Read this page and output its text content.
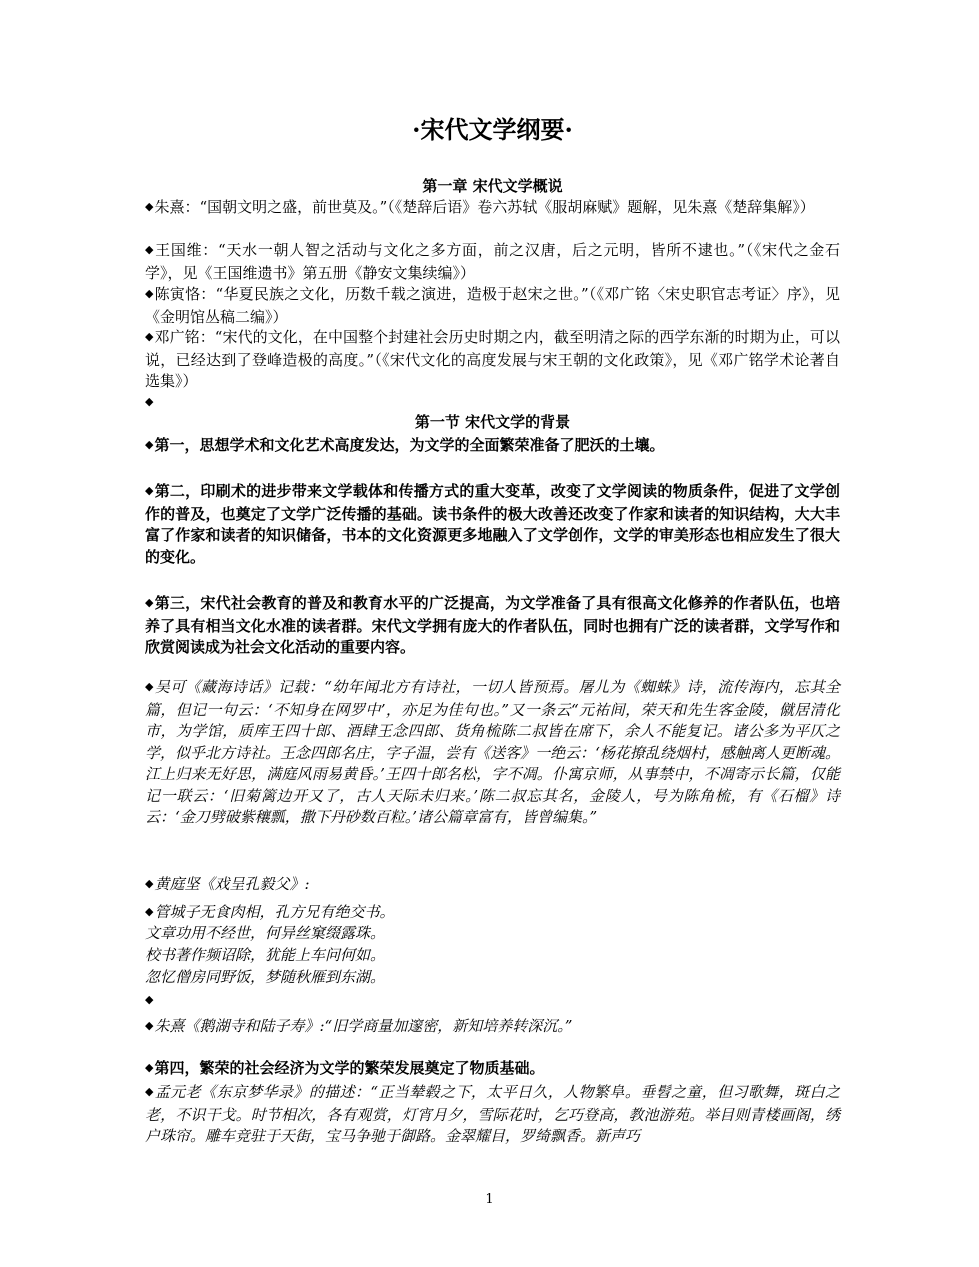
·宋代文学纲要·
第一章 宋代文学概说
◆朱熹：“国朝文明之盛，前世莫及。”（《楚辞后语》卷六苏轼《服胡麻赋》题解，见朱熹《楚辞集解》）
◆王国维：“天水一朝人智之活动与文化之多方面，前之汉唐，后之元明，皆所不逮也。”（《宋代之金石学》，见《王国维遗书》第五册《静安文集续编》）
◆陈寅恪：“华夏民族之文化，历数千载之演进，造极于赵宋之世。”（《邓广铭〈宋史职官志考证〉序》，见《金明馆丛稿二编》）
◆邓广铭：“宋代的文化，在中国整个封建社会历史时期之内，截至明清之际的西学东渐的时期为止，可以说，已经达到了登峰造极的高度。”（《宋代文化的高度发展与宋王朝的文化政策》，见《邓广铭学术论著自选集》）
◆
第一节 宋代文学的背景
◆第一，思想学术和文化艺术高度发达，为文学的全面繁荣准备了肥沃的土壤。
◆第二，印刷术的进步带来文学载体和传播方式的重大变革，改变了文学阅读的物质条件，促进了文学创作的普及，也奠定了文学广泛传播的基础。读书条件的极大改善还改变了作家和读者的知识结构，大大丰富了作家和读者的知识储备，书本的文化资源更多地融入了文学创作，文学的审美形态也相应发生了很大的变化。
◆第三，宋代社会教育的普及和教育水平的广泛提高，为文学准备了具有很高文化修养的作者队伍，也培养了具有相当文化水准的读者群。宋代文学拥有庞大的作者队伍，同时也拥有广泛的读者群，文学写作和欣赏阅读成为社会文化活动的重要内容。
◆吴可《藏海诗话》记载：“幼年闻北方有诗社，一切人皆预焉。屠儿为《蜘蛛》诗，流传海内，忘其全篇，但记一句云：‘不知身在网罗中’，亦足为佳句也。”又一条云“元祐间，荣天和先生客金陵，僦居清化市，为学馆，质库王四十郎、酒肆王念四郎、货角梳陈二叔皆在席下，余人不能复记。诸公多为平仄之学，似乎北方诗社。王念四郎名庄，字子温，尝有《送客》一绝云：‘杨花撩乱绕烟村，感触离人更断魂。江上归来无好思，满庭风雨易黄昏。’王四十郎名松，字不凋。仆寓京师，从事禁中，不凋寄示长篇，仅能记一联云：‘旧菊篱边开又了，古人天际未归来。’陈二叔忘其名，金陵人，号为陈角梳，有《石榴》诗云：‘金刀劈破紫穰瓢，撒下丹砂数百粒。’诸公篇章富有，皆曾编集。”
◆黄庭坚《戏呈孔毅父》:
◆管城子无食肉相，孔方兄有绝交书。
文章功用不经世，何异丝窠缀露珠。
校书著作频诏除，犹能上车问何如。
忽忆僧房同野饭，梦随秋雁到东湖。
◆
◆朱熹《鹅湖寺和陆子寿》:“旧学商量加邃密，新知培养转深沉。”
◆第四，繁荣的社会经济为文学的繁荣发展奠定了物质基础。
◆孟元老《东京梦华录》的描述：“正当辇毂之下，太平日久，人物繁阜。垂髫之童，但习歌舞，斑白之老，不识干戈。时节相次，各有观赏，灯宵月夕，雪际花时，乞巧登高，教池游苑。举目则青楼画阁，绣户珠帘。雕车竞驻于天街，宝马争驰于御路。金翠耀目，罗绮飘香。新声巧
1
